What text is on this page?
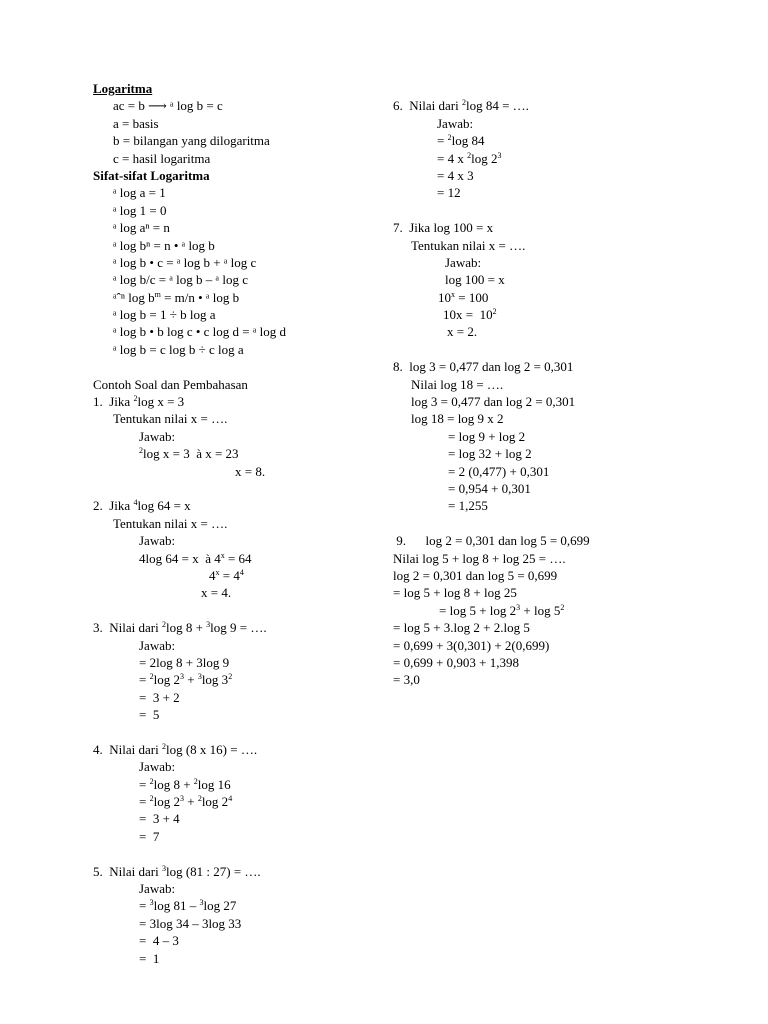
Logaritma
ac = b ⟶ ᵃ log b = c
a = basis
b = bilangan yang dilogaritma
c = hasil logaritma
Sifat-sifat Logaritma
ᵃ log a = 1
ᵃ log 1 = 0
ᵃ log aⁿ = n
ᵃ log bⁿ = n • ᵃ log b
ᵃ log b • c = ᵃ log b + ᵃ log c
ᵃ log b/c = ᵃ log b – ᵃ log c
ᵃˆⁿ $\log b^m = m/n$ • ᵃ log b
ᵃ log b = 1 ÷ b log a
ᵃ log b • b log c • c log d = ᵃ log d
ᵃ log b = c log b ÷ c log a
Contoh Soal dan Pembahasan
1.  Jika $^2$log x = 3
Tentukan nilai x = ….
Jawab:
$^2$log x = 3  à x = 23
x = 8.
2.  Jika $^4$log 64 = x
Tentukan nilai x = ….
Jawab:
4log 64 = x  à $4^x = 64$
$4^x = 4^4$
x = 4.
3.  Nilai dari $^2$log 8 + $^3$log 9 = ….
Jawab:
= 2log 8 + 3log 9
= $^2$log $2^3 + ^3\log$ $3^2$
=  3 + 2
=  5
4.  Nilai dari $^2$log (8 x 16) = ….
Jawab:
= $^2$log 8 + $^2$log 16
= $^2$log $2^3 + ^2\log$ $2^4$
=  3 + 4
=  7
5.  Nilai dari $^3$log (81 : 27) = ….
Jawab:
= $^3$log 81 – $^3$log 27
= 3log 34 – 3log 33
=  4 – 3
=  1
6.  Nilai dari $^2$log 84 = ….
Jawab:
= $^2$log 84
= 4 x $^2$log $2^3$
= 4 x 3
= 12
7.  Jika log 100 = x
Tentukan nilai x = ….
Jawab:
log 100 = x
$10^x = 100$
$10x = 10^2$
x = 2.
8.  log 3 = 0,477 dan log 2 = 0,301
Nilai log 18 = ….
log 3 = 0,477 dan log 2 = 0,301
log 18 = log 9 x 2
= log 9 + log 2
= log 32 + log 2
= 2 (0,477) + 0,301
= 0,954 + 0,301
= 1,255
9.      log 2 = 0,301 dan log 5 = 0,699
Nilai log 5 + log 8 + log 25 = ….
log 2 = 0,301 dan log 5 = 0,699
= log 5 + log 8 + log 25
= $\log 5 + \log 2^3 + \log 5^2$
= log 5 + 3.log 2 + 2.log 5
= 0,699 + 3(0,301) + 2(0,699)
= 0,699 + 0,903 + 1,398
= 3,0
